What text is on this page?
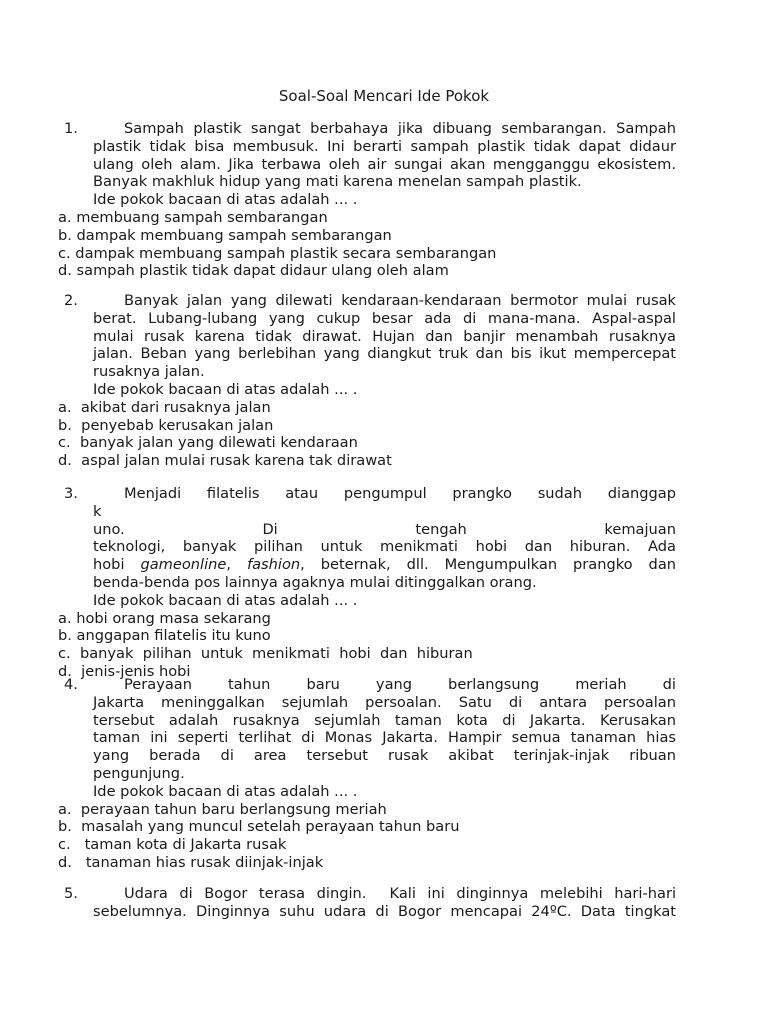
Soal-Soal Mencari Ide Pokok
1.	Sampah plastik sangat berbahaya jika dibuang sembarangan. Sampah

plastik tidak bisa membusuk. Ini berarti sampah plastik tidak dapat didaur

ulang oleh alam. Jika terbawa oleh air sungai akan mengganggu ekosistem.

Banyak makhluk hidup yang mati karena menelan sampah plastik.

Ide pokok bacaan di atas adalah ... .

a. membuang sampah sembarangan
b. dampak membuang sampah sembarangan
c. dampak membuang sampah plastik secara sembarangan
d. sampah plastik tidak dapat didaur ulang oleh alam
2.	Banyak jalan yang dilewati kendaraan-kendaraan bermotor mulai rusak

berat. Lubang-lubang yang cukup besar ada di mana-mana. Aspal-aspal

mulai rusak karena tidak dirawat. Hujan dan banjir menambah rusaknya

jalan. Beban yang berlebihan yang diangkut truk dan bis ikut mempercepat

rusaknya jalan.

Ide pokok bacaan di atas adalah ... .

a.  akibat dari rusaknya jalan
b.  penyebab kerusakan jalan
c.  banyak jalan yang dilewati kendaraan
d.  aspal jalan mulai rusak karena tak dirawat
3.	Menjadi filatelis atau pengumpul prangko sudah dianggap k

uno. Di tengah kemajuan

teknologi, banyak pilihan untuk menikmati hobi dan hiburan. Ada

hobi gameonline, fashion, beternak, dll. Mengumpulkan prangko dan

benda-benda pos lainnya agaknya mulai ditinggalkan orang.

Ide pokok bacaan di atas adalah ... .

a. hobi orang masa sekarang
b. anggapan filatelis itu kuno
c.  banyak  pilihan  untuk  menikmati  hobi  dan  hiburan
d.  jenis-jenis hobi
4.	Perayaan tahun baru yang berlangsung meriah di

Jakarta meninggalkan sejumlah persoalan. Satu di antara persoalan

tersebut adalah rusaknya sejumlah taman kota di Jakarta. Kerusakan

taman ini seperti terlihat di Monas Jakarta. Hampir semua tanaman hias

yang berada di area tersebut rusak akibat terinjak-injak ribuan

pengunjung.

Ide pokok bacaan di atas adalah ... .

a.  perayaan tahun baru berlangsung meriah
b.  masalah yang muncul setelah perayaan tahun baru
c.   taman kota di Jakarta rusak
d.   tanaman hias rusak diinjak-injak
5.	Udara di Bogor terasa dingin.  Kali ini dinginnya melebihi hari-hari

sebelumnya. Dinginnya suhu udara di Bogor mencapai 24ºC. Data tingkat
